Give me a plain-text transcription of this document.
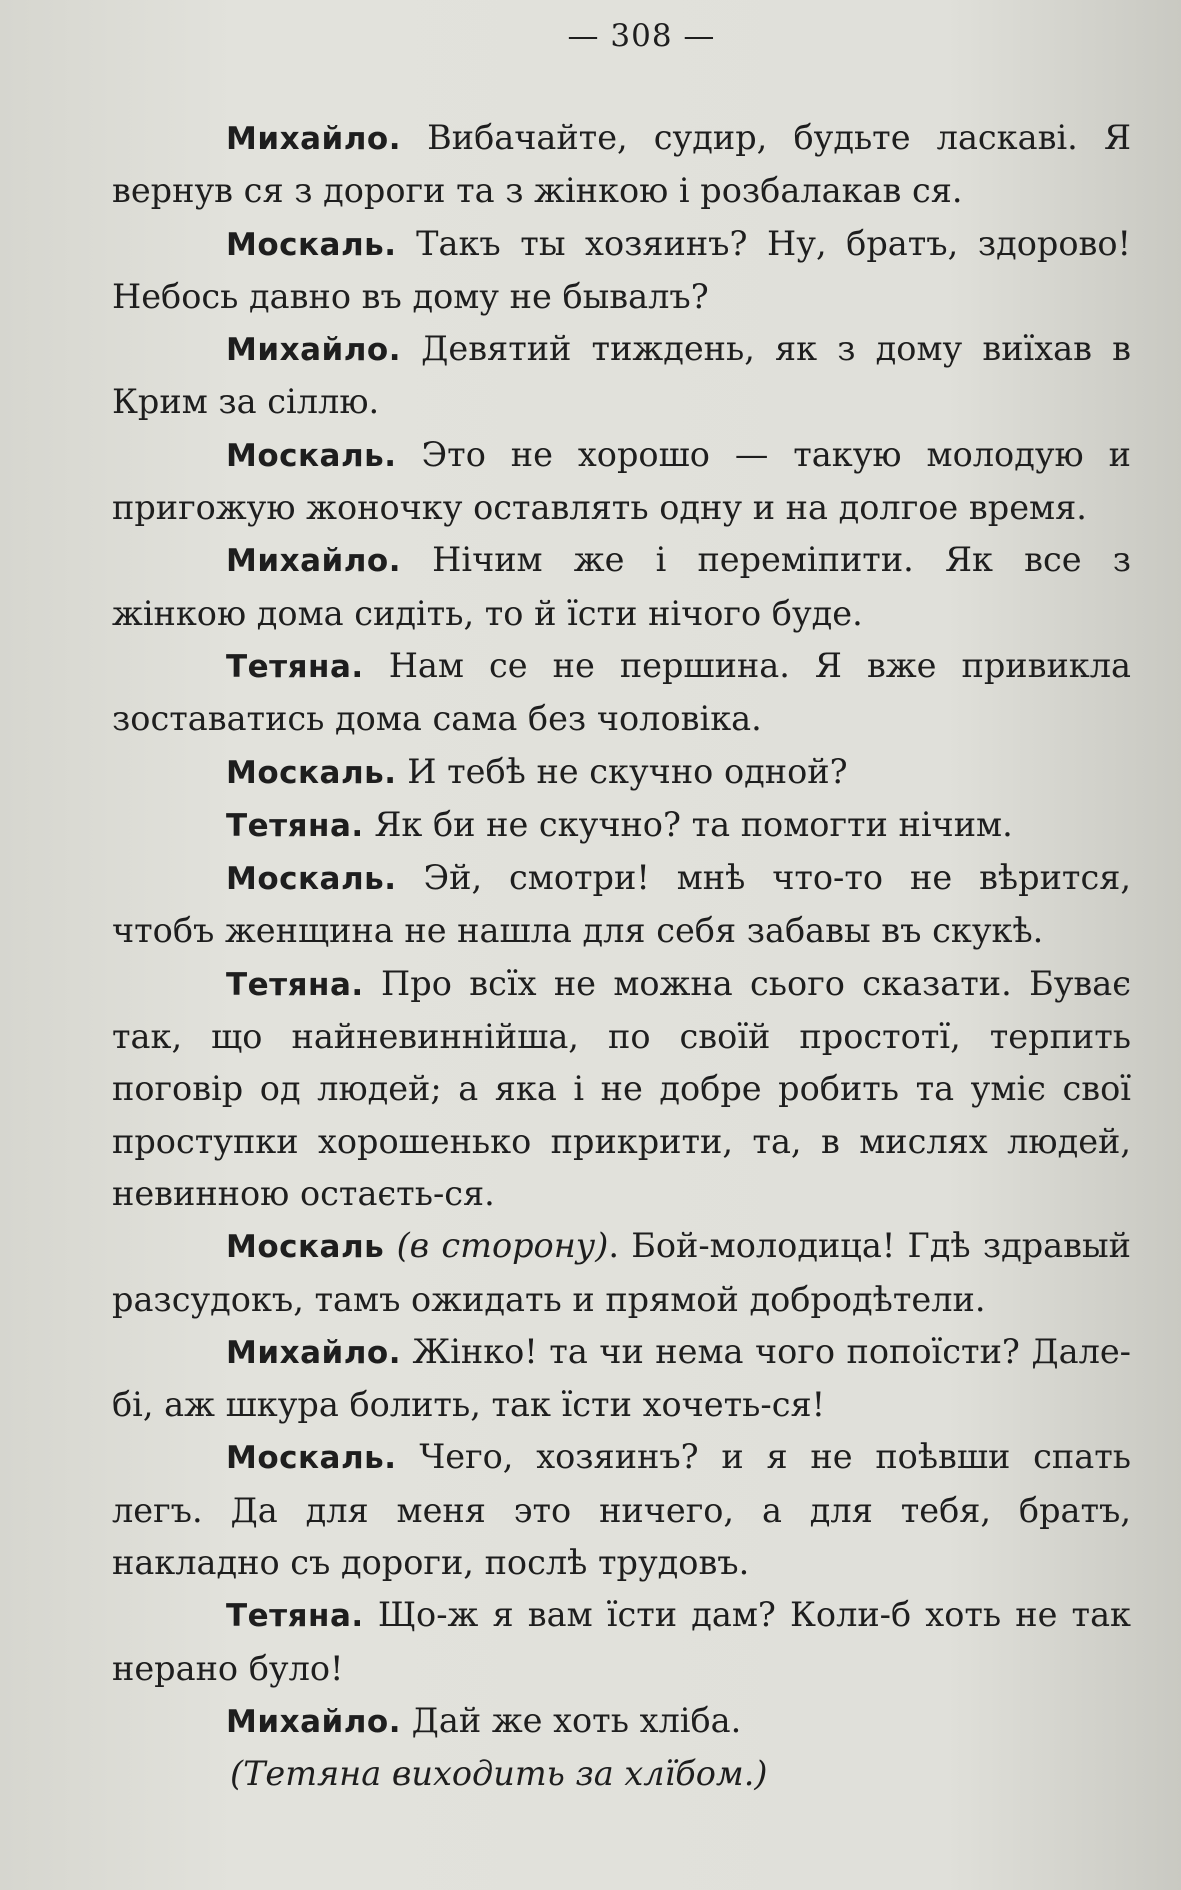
— 308 —

Михайло. Вибачайте, судир, будьте ласкаві. Я вернув ся з дороги та з жінкою і розбалакав ся.

Москаль. Такъ ты хозяинъ? Ну, братъ, здорово! Небось давно въ дому не бывалъ?

Михайло. Девятий тиждень, як з дому виїхав в Крим за сіллю.

Москаль. Это не хорошо — такую молодую и пригожую жоночку оставлять одну и на долгое время.

Михайло. Нічим же і переміпити. Як все з жінкою дома сидіть, то й їсти нічого буде.

Тетяна. Нам се не першина. Я вже привикла зоставатись дома сама без чоловіка.

Москаль. И тебѣ не скучно одной?

Тетяна. Як би не скучно? та помогти нічим.

Москаль. Эй, смотри! мнѣ что-то не вѣрится, чтобъ женщина не нашла для себя забавы въ скукѣ.

Тетяна. Про всїх не можна сього сказати. Буває так, що найневиннійша, по своїй простотї, терпить поговір од людей; а яка і не добре робить та уміє свої проступки хорошенько прикрити, та, в мислях людей, невинною остаєть-ся.

Москаль (в сторону). Бой-молодица! Гдѣ здравый разсудокъ, тамъ ожидать и прямой добродѣтели.

Михайло. Жінко! та чи нема чого попоїсти? Дале-бі, аж шкура болить, так їсти хочеть-ся!

Москаль. Чего, хозяинъ? и я не поѣвши спать легъ. Да для меня это ничего, а для тебя, братъ, накладно съ дороги, послѣ трудовъ.

Тетяна. Що-ж я вам їсти дам? Коли-б хоть не так нерано було!

Михайло. Дай же хоть хліба.

(Тетяна виходить за хлїбом.)
